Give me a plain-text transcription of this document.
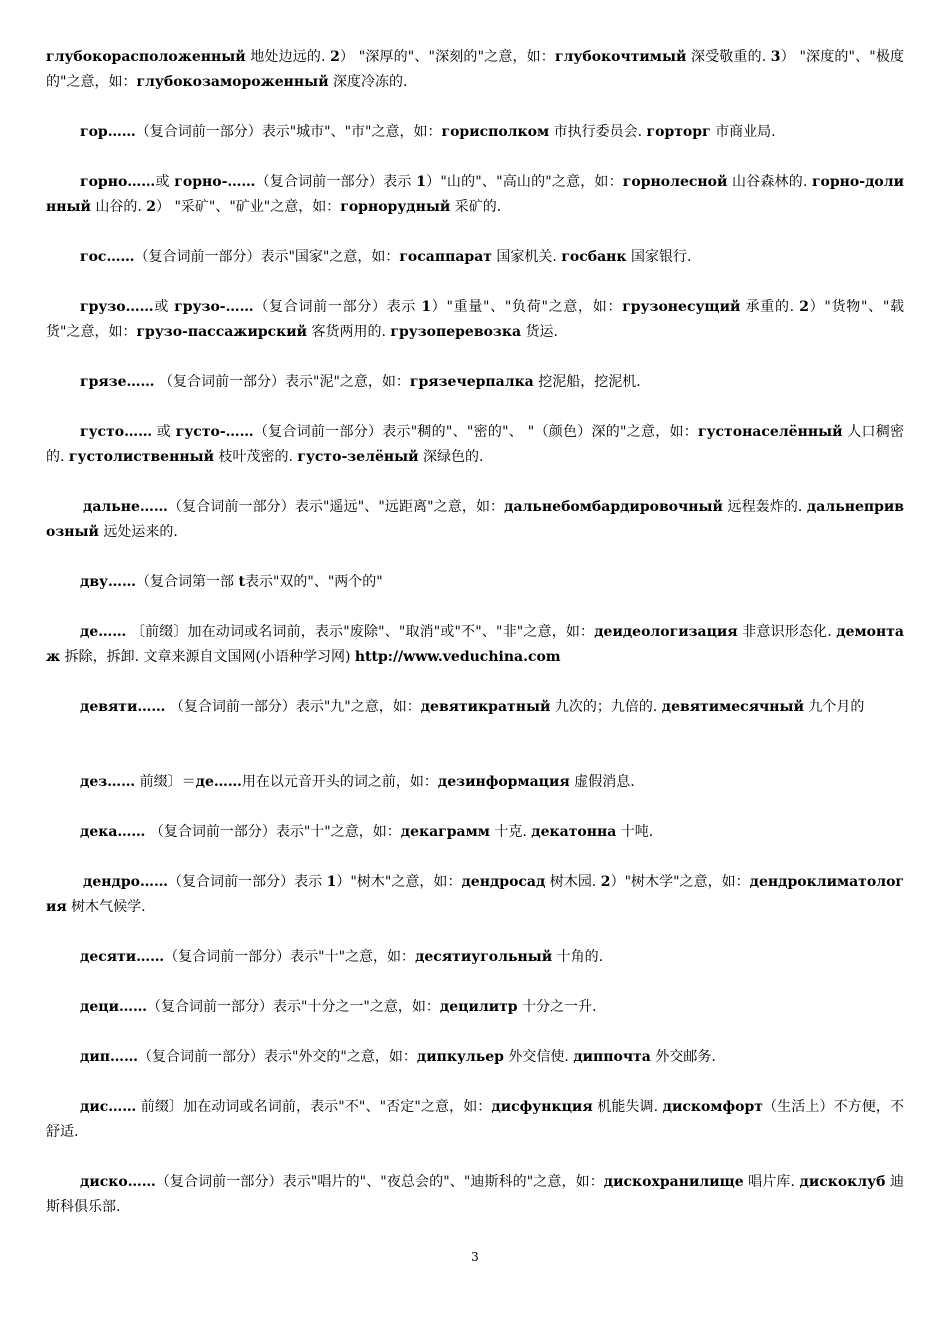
глубокорасположенный 地处边远的. 2） "深厚的"、"深刻的"之意，如：глубокочтимый 深受敬重的. 3） "深度的"、"极度的"之意，如：глубокозамороженный 深度冷冻的.
гор……（复合词前一部分）表示"城市"、"市"之意，如：горисполком 市执行委员会. горторг 市商业局.
горно……或 горно-……（复合词前一部分）表示 1）"山的"、"高山的"之意，如：горнолесной 山谷森林的. горно-долинный 山谷的. 2） "采矿"、"矿业"之意，如：горнорудный 采矿的.
гос……（复合词前一部分）表示"国家"之意，如：госаппарат 国家机关. госбанк 国家银行.
грузо……或 грузо-……（复合词前一部分）表示 1）"重量"、"负荷"之意，如：грузонесущий 承重的. 2）"货物"、"载货"之意，如：грузо-пассажирский 客货两用的. грузоперевозка 货运.
грязе…… （复合词前一部分）表示"泥"之意，如：грязечерпалка 挖泥船，挖泥机.
густо…… 或 густо-……（复合词前一部分）表示"稠的"、"密的"、 "（颜色）深的"之意，如：густонаселённый 人口稠密的. густолиственный 枝叶茂密的. густо-зелёный 深绿色的.
дальне……（复合词前一部分）表示"遥远"、"远距离"之意，如：дальнебомбардировочный 远程轰炸的. дальнепривозный 远处运来的.
дву……（复合词第一部 t表示"双的"、"两个的"
де…… 〔前缀〕加在动词或名词前，表示"废除"、"取消"或"不"、"非"之意，如：деидеологизация 非意识形态化. демонтаж 拆除，拆卸. 文章来源自文国网(小语种学习网) http://www.veduchina.com
девяти…… （复合词前一部分）表示"九"之意，如：девятикратный 九次的；九倍的. девятимесячный 九个月的
дез…… 前缀〕＝де……用在以元音开头的词之前，如：дезинформация 虚假消息.
дека…… （复合词前一部分）表示"十"之意，如：декаграмм 十克. декатонна 十吨.
дендро……（复合词前一部分）表示 1）"树木"之意，如：дендросад 树木园. 2）"树木学"之意，如：дендроклиматология 树木气候学.
десяти……（复合词前一部分）表示"十"之意，如：десятиугольный 十角的.
деци……（复合词前一部分）表示"十分之一"之意，如：децилитр 十分之一升.
дип……（复合词前一部分）表示"外交的"之意，如：дипкульер 外交信使. диппочта 外交邮务.
дис…… 前缀〕加在动词或名词前，表示"不"、"否定"之意，如：дисфункция 机能失调. дискомфорт（生活上）不方便，不舒适.
диско……（复合词前一部分）表示"唱片的"、"夜总会的"、"迪斯科的"之意，如：дискохранилище 唱片库. дискоклуб 迪斯科俱乐部.
3
